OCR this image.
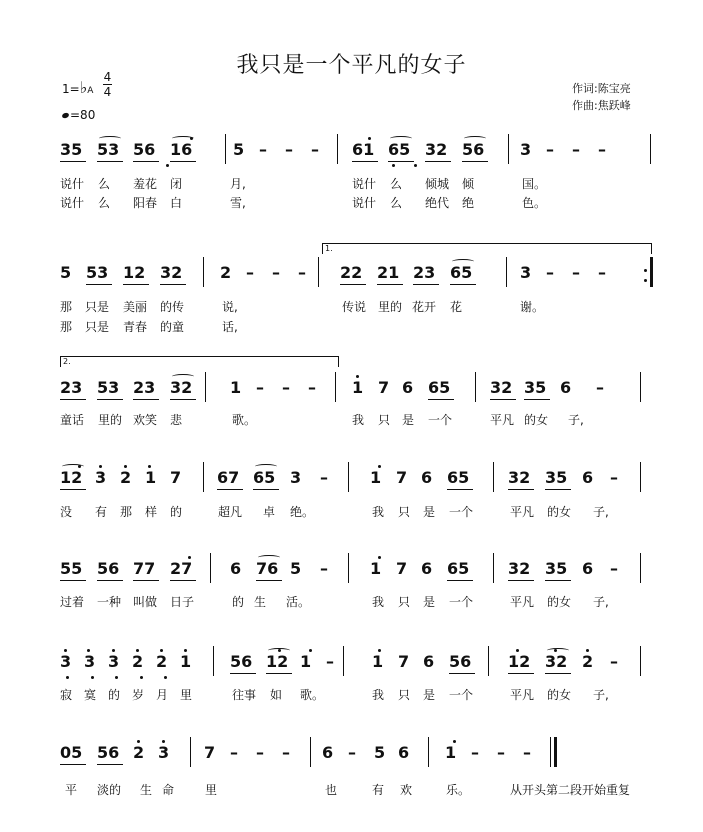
我只是一个平凡的女子
作词:陈宝亮
作曲:焦跃峰
1=♭A
4
4
=80
35 53 56 16	5 – – – 61 65 32 56 3 – – –
说什 么 羞花 闭	月,	说什 么 倾城 倾	国。
说什 么 阳春 白	雪,	说什 么 绝代 绝	色。
5 53 12 32 2 – – – 22 21 23 65	3 – – –
那 只是 美丽 的传	说,	传说 里的 花开 花	谢。
那 只是 青春 的童	话,
23 53 23 32 1 – – – 1 7 6 65 32 35 6 –
童话 里的 欢笑 悲	歌。	我 只 是 一个	平凡 的女 子,
12 3 2 1 7 67 65 3 –	1 7 6 65 32 35 6 –
没 有 那 样 的	超凡 卓 绝。	我 只 是 一个	平凡 的女 子,
55 56 77 27 6 76 5 –	1 7 6 65 32 35 6 –
过着 一种 叫做 日子	的 生 活。	我 只 是 一个	平凡 的女 子,
3 3 3 2 2 1 56 12 1 – 1 7 6 56 12 32 2 –
寂 寞 的 岁 月 里	往事 如 歌。	我 只 是 一个	平凡 的女 子,
05 56 2 3 7 – – – 6 – 5 6 1 – – –
平 淡的 生 命	里	也	有 欢	乐。
1.
2.
从开头第二段开始重复
